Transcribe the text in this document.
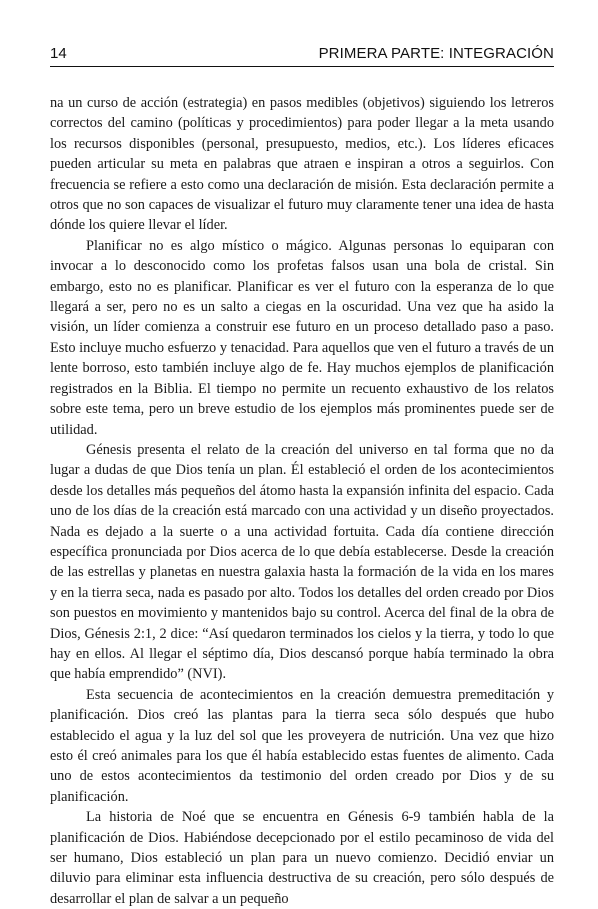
14	PRIMERA PARTE: INTEGRACIÓN

na un curso de acción (estrategia) en pasos medibles (objetivos) siguiendo los letreros correctos del camino (políticas y procedimientos) para poder llegar a la meta usando los recursos disponibles (personal, presupuesto, medios, etc.). Los líderes eficaces pueden articular su meta en palabras que atraen e inspiran a otros a seguirlos. Con frecuencia se refiere a esto como una declaración de misión. Esta declaración permite a otros que no son capaces de visualizar el futuro muy claramente tener una idea de hasta dónde los quiere llevar el líder.

Planificar no es algo místico o mágico. Algunas personas lo equiparan con invocar a lo desconocido como los profetas falsos usan una bola de cristal. Sin embargo, esto no es planificar. Planificar es ver el futuro con la esperanza de lo que llegará a ser, pero no es un salto a ciegas en la oscuridad. Una vez que ha asido la visión, un líder comienza a construir ese futuro en un proceso detallado paso a paso. Esto incluye mucho esfuerzo y tenacidad. Para aquellos que ven el futuro a través de un lente borroso, esto también incluye algo de fe. Hay muchos ejemplos de planificación registrados en la Biblia. El tiempo no permite un recuento exhaustivo de los relatos sobre este tema, pero un breve estudio de los ejemplos más prominentes puede ser de utilidad.

Génesis presenta el relato de la creación del universo en tal forma que no da lugar a dudas de que Dios tenía un plan. Él estableció el orden de los acontecimientos desde los detalles más pequeños del átomo hasta la expansión infinita del espacio. Cada uno de los días de la creación está marcado con una actividad y un diseño proyectados. Nada es dejado a la suerte o a una actividad fortuita. Cada día contiene dirección específica pronunciada por Dios acerca de lo que debía establecerse. Desde la creación de las estrellas y planetas en nuestra galaxia hasta la formación de la vida en los mares y en la tierra seca, nada es pasado por alto. Todos los detalles del orden creado por Dios son puestos en movimiento y mantenidos bajo su control. Acerca del final de la obra de Dios, Génesis 2:1, 2 dice: “Así quedaron terminados los cielos y la tierra, y todo lo que hay en ellos. Al llegar el séptimo día, Dios descansó porque había terminado la obra que había emprendido” (NVI).

Esta secuencia de acontecimientos en la creación demuestra premeditación y planificación. Dios creó las plantas para la tierra seca sólo después que hubo establecido el agua y la luz del sol que les proveyera de nutrición. Una vez que hizo esto él creó animales para los que él había establecido estas fuentes de alimento. Cada uno de estos acontecimientos da testimonio del orden creado por Dios y de su planificación.

La historia de Noé que se encuentra en Génesis 6-9 también habla de la planificación de Dios. Habiéndose decepcionado por el estilo pecaminoso de vida del ser humano, Dios estableció un plan para un nuevo comienzo. Decidió enviar un diluvio para eliminar esta influencia destructiva de su creación, pero sólo después de desarrollar el plan de salvar a un pequeño
